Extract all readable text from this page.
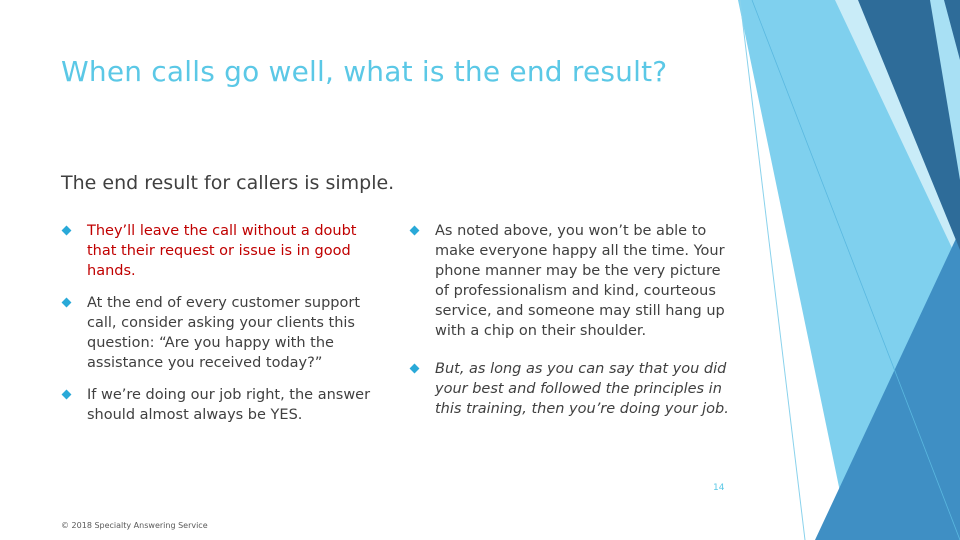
When calls go well, what is the end result?

The end result for callers is simple.

They’ll leave the call without a doubt that their request or issue is in good hands.
At the end of every customer support call, consider asking your clients this question: “Are you happy with the assistance you received today?”
If we’re doing our job right, the answer should almost always be YES.
As noted above, you won’t be able to make everyone happy all the time. Your phone manner may be the very picture of professionalism and kind, courteous service, and someone may still hang up with a chip on their shoulder.
But, as long as you can say that you did your best and followed the principles in this training, then you’re doing your job.
14
© 2018 Specialty Answering Service
